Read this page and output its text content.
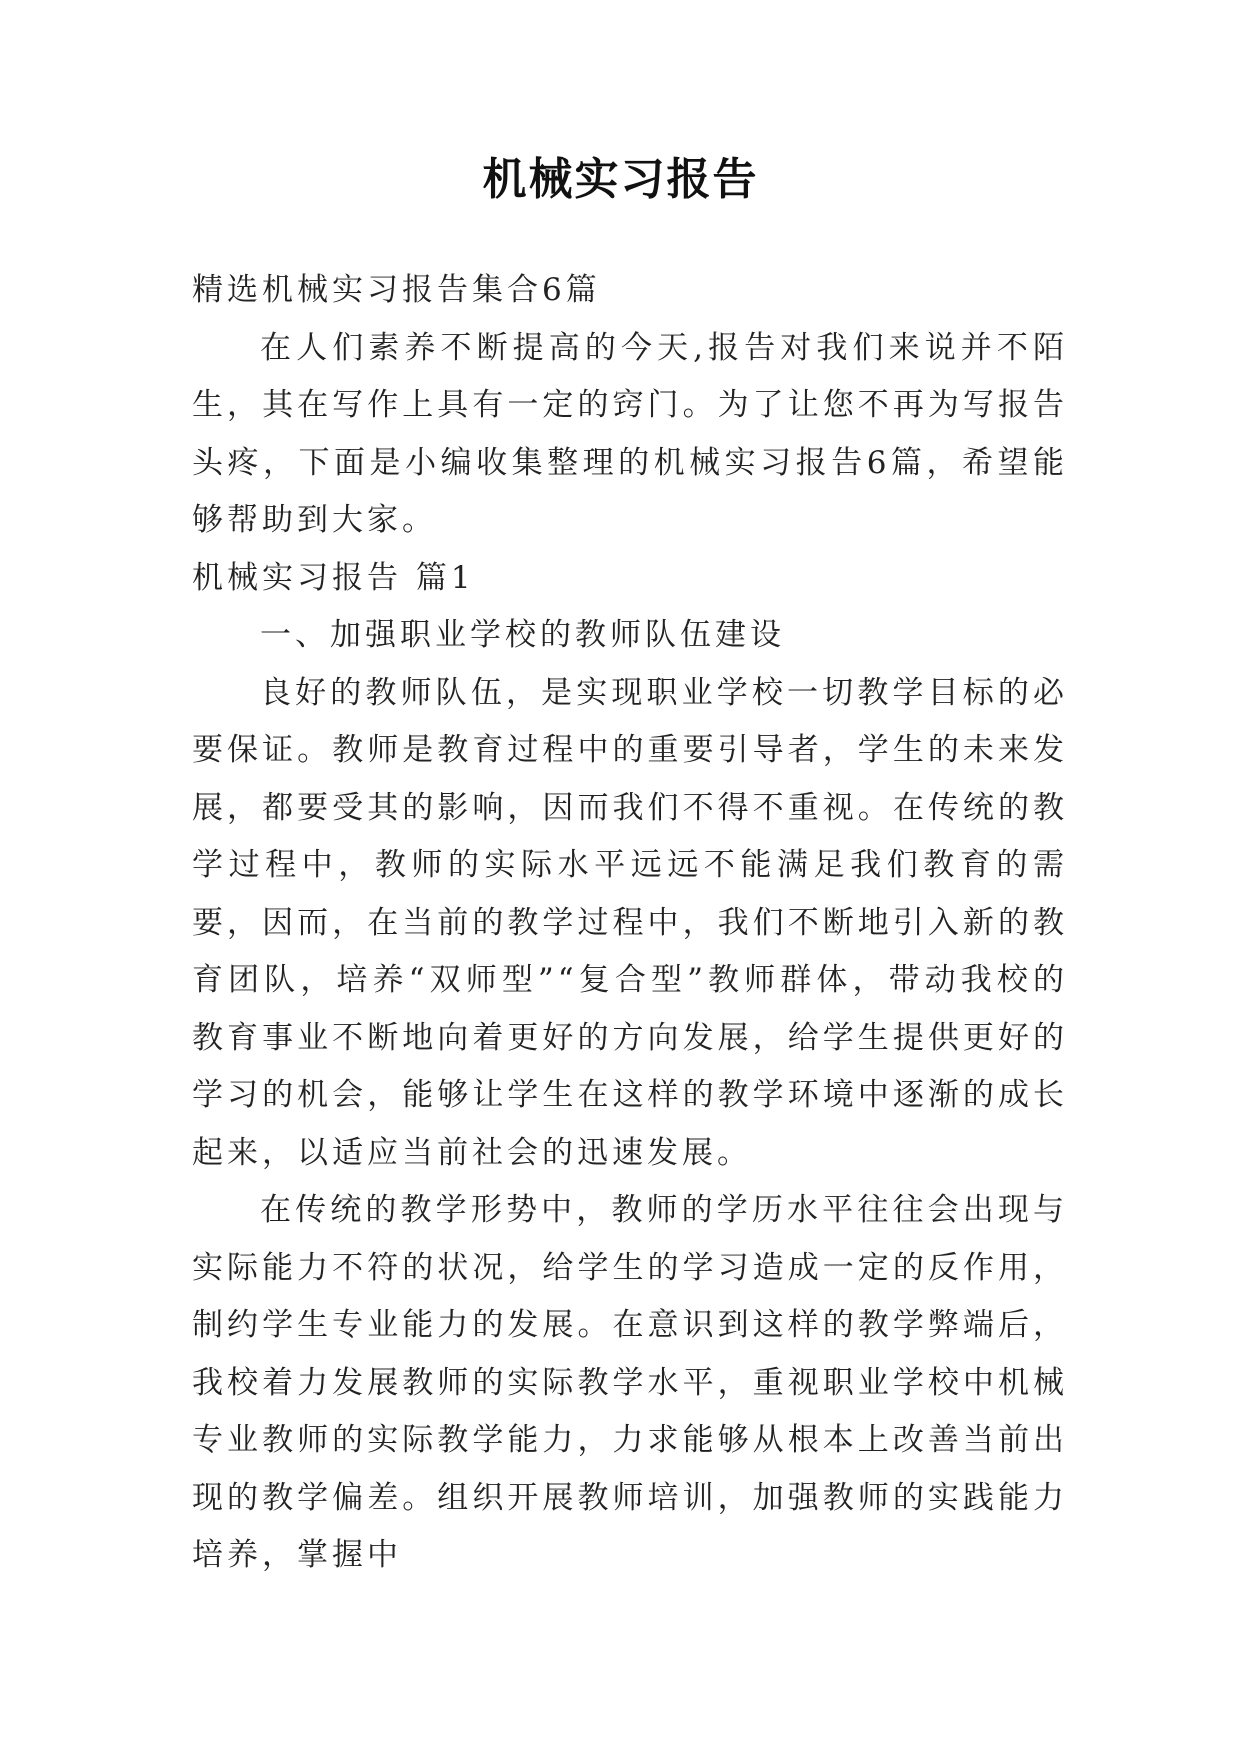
机械实习报告

精选机械实习报告集合6篇

在人们素养不断提高的今天,报告对我们来说并不陌生，其在写作上具有一定的窍门。为了让您不再为写报告头疼，下面是小编收集整理的机械实习报告6篇，希望能够帮助到大家。

机械实习报告 篇1

一、加强职业学校的教师队伍建设

良好的教师队伍，是实现职业学校一切教学目标的必要保证。教师是教育过程中的重要引导者，学生的未来发展，都要受其的影响，因而我们不得不重视。在传统的教学过程中，教师的实际水平远远不能满足我们教育的需要，因而，在当前的教学过程中，我们不断地引入新的教育团队，培养“双师型”“复合型”教师群体，带动我校的教育事业不断地向着更好的方向发展，给学生提供更好的学习的机会，能够让学生在这样的教学环境中逐渐的成长起来，以适应当前社会的迅速发展。

在传统的教学形势中，教师的学历水平往往会出现与实际能力不符的状况，给学生的学习造成一定的反作用，制约学生专业能力的发展。在意识到这样的教学弊端后，我校着力发展教师的实际教学水平，重视职业学校中机械专业教师的实际教学能力，力求能够从根本上改善当前出现的教学偏差。组织开展教师培训，加强教师的实践能力培养，掌握中
